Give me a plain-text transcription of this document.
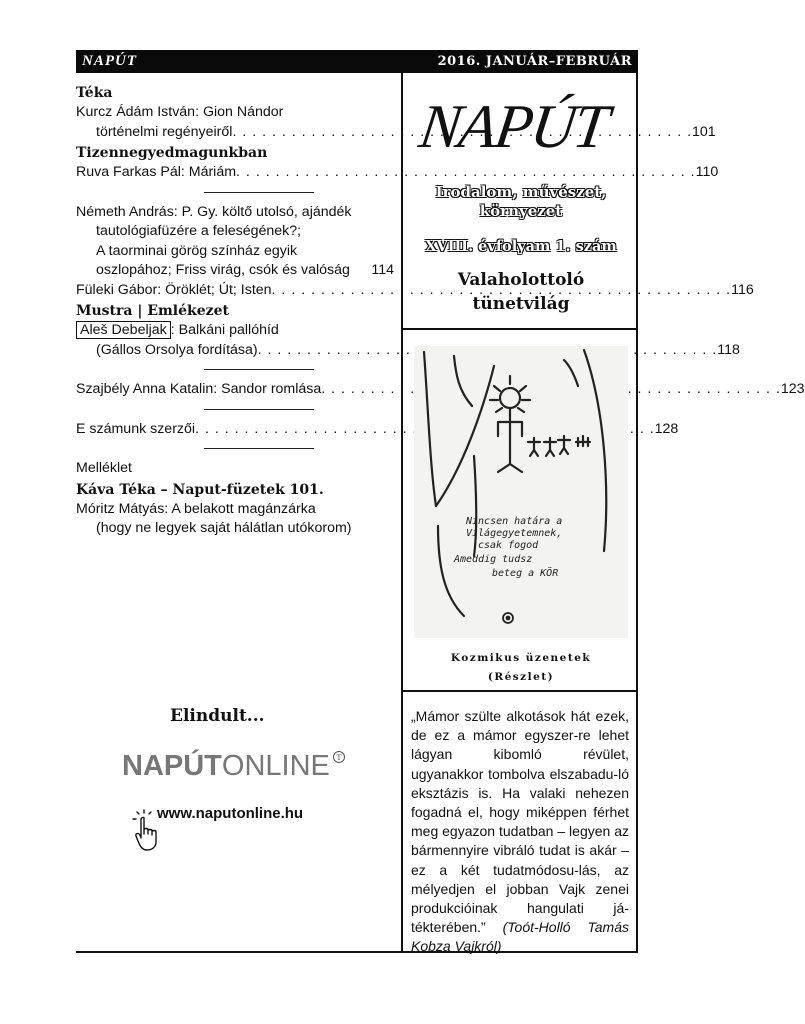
NAPÚT	2016. JANUÁR–FEBRUÁR
Téka
Kurcz Ádám István: Gion Nándor
történelmi regényeiről . . .	101
Tizennegyedmagunkban
Ruva Farkas Pál: Máriám . . .	110
Németh András: P. Gy. költő utolsó, ajándék
tautológiafüzére a feleségének?;
A taorminai görög színház egyik
oszlopához; Friss virág, csók és valóság 114
Füleki Gábor: Öröklét; Út; Isten . . .	116
Mustra | Emlékezet
Aleš Debeljak : Balkáni pallóhíd
(Gállos Orsolya fordítása) . . .	118
Szajbély Anna Katalin: Sandor romlása . . .	123
E számunk szerzői . . .	128
Melléklet
Káva Téka – Naput-füzetek 101.
Móritz Mátyás: A belakott magánzárka
(hogy ne legyek saját hálátlan utókorom)
Elindult...
NAPÚTONLINE T
www.naputonline.hu
NAPÚT
Irodalom, művészet,
környezet
XVIII. évfolyam 1. szám
Valaholottoló
tünetvilág
Nincsen határa a
Világegyetemnek,
csak fogod
Ameddig tudsz
beteg a KÖR
Kozmikus üzenetek
(Részlet)
„Mámor szülte alkotások hát ezek, de ez a mámor egyszer-re lehet lágyan kibomló révület, ugyanakkor tombolva elszabadu-ló eksztázis is. Ha valaki nehezen fogadná el, hogy miképpen férhet meg egyazon tudatban – legyen az bármennyire vibráló tudat is akár – ez a két tudatmódosu-lás, az mélyedjen el jobban Vajk zenei produkcióinak hangulati já-tékterében.” (Toót-Holló Tamás Kobza Vajkról)
